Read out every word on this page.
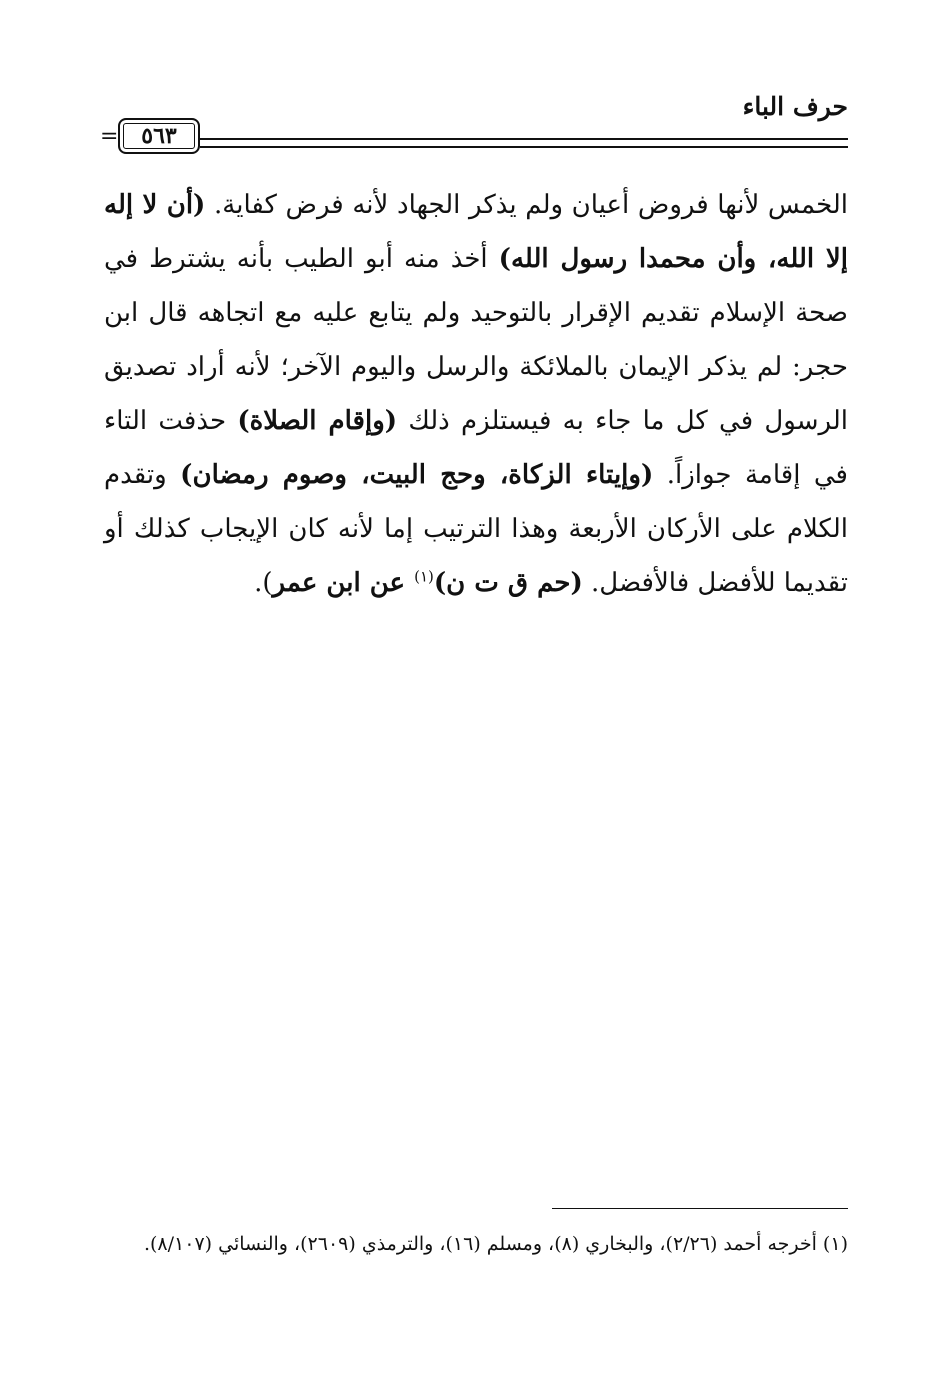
حرف الباء
=	٥٦٣
الخمس لأنها فروض أعيان ولم يذكر الجهاد لأنه فرض كفاية. (أن لا إله إلا الله، وأن محمدا رسول الله) أخذ منه أبو الطيب بأنه يشترط في صحة الإسلام تقديم الإقرار بالتوحيد ولم يتابع عليه مع اتجاهه قال ابن حجر: لم يذكر الإيمان بالملائكة والرسل واليوم الآخر؛ لأنه أراد تصديق الرسول في كل ما جاء به فيستلزم ذلك (وإقام الصلاة) حذفت التاء في إقامة جوازاً. (وإيتاء الزكاة، وحج البيت، وصوم رمضان) وتقدم الكلام على الأركان الأربعة وهذا الترتيب إما لأنه كان الإيجاب كذلك أو تقديما للأفضل فالأفضل. (حم ق ت ن)$^{(١)}$ عن ابن عمر).
(١) أخرجه أحمد (٢/٢٦)، والبخاري (٨)، ومسلم (١٦)، والترمذي (٢٦٠٩)، والنسائي (٨/١٠٧).
